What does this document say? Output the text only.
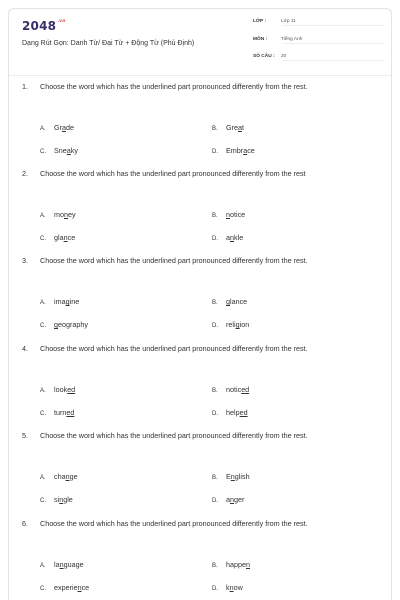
$2048^{.vn}$
Dạng Rút Gọn: Danh Từ/ Đại Từ + Động Từ (Phủ Định)
LỚP :	Lớp 11
MÔN :	Tiếng Anh
SỐ CÂU : 20
1. Choose the word which has the underlined part pronounced differently from the rest.
A. Grade	B. Great
C. Sneaky	D. Embrace
2. Choose the word which has the underlined part pronounced differently from the rest
A. money	B. notice
C. glance	D. ankle
3. Choose the word which has the underlined part pronounced differently from the rest.
A. imagine	B. glance
C. geography	D. religion
4. Choose the word which has the underlined part pronounced differently from the rest.
A. looked	B. noticed
C. turned	D. helped
5. Choose the word which has the underlined part pronounced differently from the rest.
A. change	B. English
C. single	D. anger
6. Choose the word which has the underlined part pronounced differently from the rest.
A. language	B. happen
C. experience	D. know
